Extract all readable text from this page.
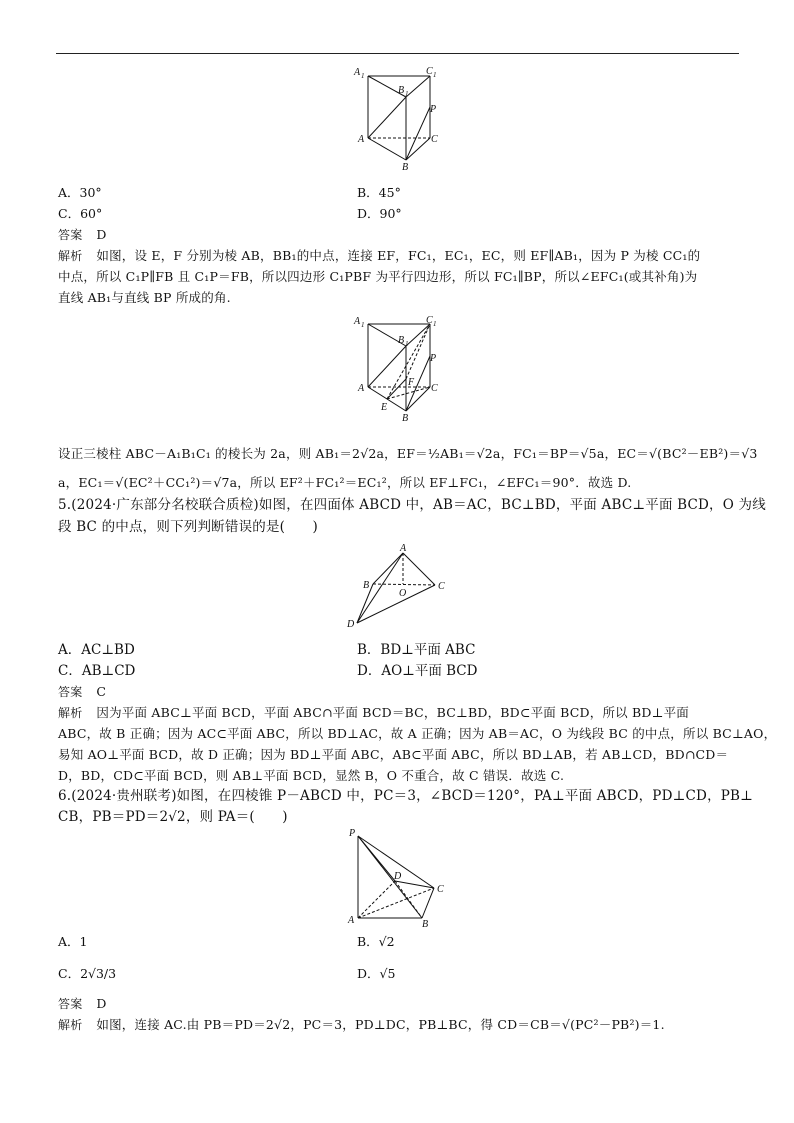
A 1	C 1
B 1
P
A	C
B
A．30°	B．45°
C．60°	D．90°
答案 D
解析 如图，设 E，F 分别为棱 AB，BB₁的中点，连接 EF，FC₁，EC₁，EC，则 EF∥AB₁，因为 P 为棱 CC₁的
中点，所以 C₁P∥FB 且 C₁P＝FB，所以四边形 C₁PBF 为平行四边形，所以 FC₁∥BP，所以∠EFC₁(或其补角)为
直线 AB₁与直线 BP 所成的角.
A 1	C 1
B 1
P
A	C
F
E
B
设正三棱柱 ABC－A₁B₁C₁ 的棱长为 2a，则 AB₁＝2√2a，EF＝½AB₁＝√2a，FC₁＝BP＝√5a，EC＝√(BC²－EB²)＝√3
a，EC₁＝√(EC²＋CC₁²)＝√7a，所以 EF²＋FC₁²＝EC₁²，所以 EF⊥FC₁，∠EFC₁＝90°．故选 D.
5.(2024·广东部分名校联合质检)如图，在四面体 ABCD 中，AB＝AC，BC⊥BD，平面 ABC⊥平面 BCD，O 为线
段 BC 的中点，则下列判断错误的是(　　)
A
B	C
O
D
A．AC⊥BD	B．BD⊥平面 ABC
C．AB⊥CD	D．AO⊥平面 BCD
答案 C
解析 因为平面 ABC⊥平面 BCD，平面 ABC∩平面 BCD＝BC，BC⊥BD，BD⊂平面 BCD，所以 BD⊥平面
ABC，故 B 正确；因为 AC⊂平面 ABC，所以 BD⊥AC，故 A 正确；因为 AB＝AC，O 为线段 BC 的中点，所以 BC⊥AO，
易知 AO⊥平面 BCD，故 D 正确；因为 BD⊥平面 ABC，AB⊂平面 ABC，所以 BD⊥AB，若 AB⊥CD，BD∩CD＝
D，BD，CD⊂平面 BCD，则 AB⊥平面 BCD，显然 B，O 不重合，故 C 错误．故选 C.
6.(2024·贵州联考)如图，在四棱锥 P－ABCD 中，PC＝3，∠BCD＝120°，PA⊥平面 ABCD，PD⊥CD，PB⊥
CB，PB＝PD＝2√2，则 PA＝(　　)
P
D
C
A	B
A．1	B．√2
C．2√3/3	D．√5
答案 D
解析 如图，连接 AC.由 PB＝PD＝2√2，PC＝3，PD⊥DC，PB⊥BC，得 CD＝CB＝√(PC²－PB²)＝1.
